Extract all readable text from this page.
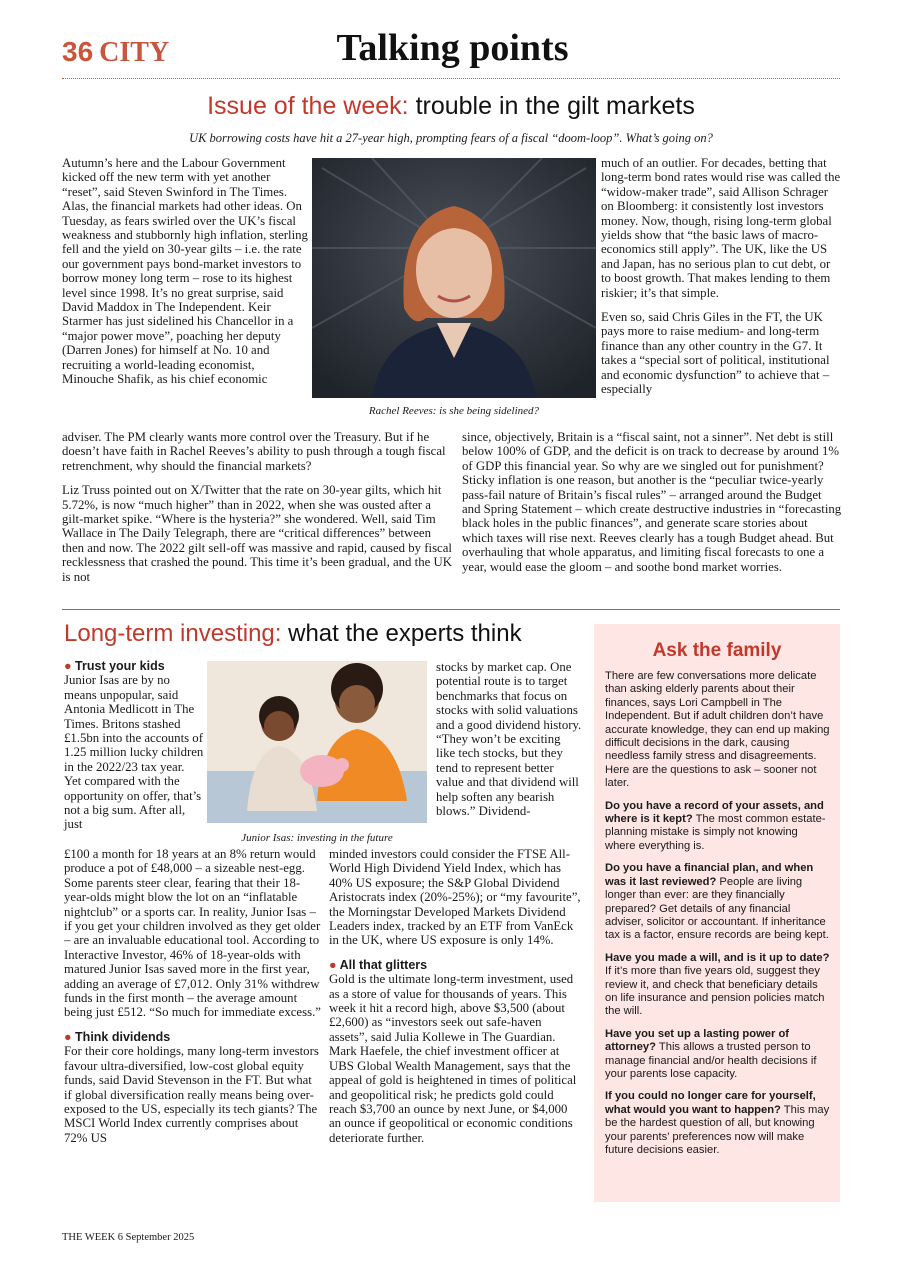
36 CITY	Talking points
Issue of the week: trouble in the gilt markets
UK borrowing costs have hit a 27-year high, prompting fears of a fiscal “doom-loop”. What’s going on?
Autumn’s here and the Labour Government kicked off the new term with yet another “reset”, said Steven Swinford in The Times. Alas, the financial markets had other ideas. On Tuesday, as fears swirled over the UK’s fiscal weakness and stubbornly high inflation, sterling fell and the yield on 30-year gilts – i.e. the rate our government pays bond-market investors to borrow money long term – rose to its highest level since 1998. It’s no great surprise, said David Maddox in The Independent. Keir Starmer has just sidelined his Chancellor in a “major power move”, poaching her deputy (Darren Jones) for himself at No. 10 and recruiting a world-leading economist, Minouche Shafik, as his chief economic
Rachel Reeves: is she being sidelined?

much of an outlier. For decades, betting that long-term bond rates would rise was called the “widow-maker trade”, said Allison Schrager on Bloomberg: it consistently lost investors money. Now, though, rising long-term global yields show that “the basic laws of macro-economics still apply”. The UK, like the US and Japan, has no serious plan to cut debt, or to boost growth. That makes lending to them riskier; it’s that simple.

Even so, said Chris Giles in the FT, the UK pays more to raise medium- and long-term finance than any other country in the G7. It takes a “special sort of political, institutional and economic dysfunction” to achieve that – especially

adviser. The PM clearly wants more control over the Treasury. But if he doesn’t have faith in Rachel Reeves’s ability to push through a tough fiscal retrenchment, why should the financial markets?

Liz Truss pointed out on X/Twitter that the rate on 30-year gilts, which hit 5.72%, is now “much higher” than in 2022, when she was ousted after a gilt-market spike. “Where is the hysteria?” she wondered. Well, said Tim Wallace in The Daily Telegraph, there are “critical differences” between then and now. The 2022 gilt sell-off was massive and rapid, caused by fiscal recklessness that crashed the pound. This time it’s been gradual, and the UK is not

since, objectively, Britain is a “fiscal saint, not a sinner”. Net debt is still below 100% of GDP, and the deficit is on track to decrease by around 1% of GDP this financial year. So why are we singled out for punishment? Sticky inflation is one reason, but another is the “peculiar twice-yearly pass-fail nature of Britain’s fiscal rules” – arranged around the Budget and Spring Statement – which create destructive industries in “forecasting black holes in the public finances”, and generate scare stories about which taxes will rise next. Reeves clearly has a tough Budget ahead. But overhauling that whole apparatus, and limiting fiscal forecasts to one a year, would ease the gloom – and soothe bond market worries.
Long-term investing: what the experts think
● Trust your kids
Junior Isas are by no means unpopular, said Antonia Medlicott in The Times. Britons stashed £1.5bn into the accounts of 1.25 million lucky children in the 2022/23 tax year. Yet compared with the opportunity on offer, that’s not a big sum. After all, just
Junior Isas: investing in the future

£100 a month for 18 years at an 8% return would produce a pot of £48,000 – a sizeable nest-egg. Some parents steer clear, fearing that their 18-year-olds might blow the lot on an “inflatable nightclub” or a sports car. In reality, Junior Isas – if you get your children involved as they get older – are an invaluable educational tool. According to Interactive Investor, 46% of 18-year-olds with matured Junior Isas saved more in the first year, adding an average of £7,012. Only 31% withdrew funds in the first month – the average amount being just £512. “So much for immediate excess.”

● Think dividends
For their core holdings, many long-term investors favour ultra-diversified, low-cost global equity funds, said David Stevenson in the FT. But what if global diversification really means being over-exposed to the US, especially its tech giants? The MSCI World Index currently comprises about 72% US
stocks by market cap. One potential route is to target benchmarks that focus on stocks with solid valuations and a good dividend history. “They won’t be exciting like tech stocks, but they tend to represent better value and that dividend will help soften any bearish blows.” Dividend-

minded investors could consider the FTSE All-World High Dividend Yield Index, which has 40% US exposure; the S&P Global Dividend Aristocrats index (20%-25%); or “my favourite”, the Morningstar Developed Markets Dividend Leaders index, tracked by an ETF from VanEck in the UK, where US exposure is only 14%.

● All that glitters
Gold is the ultimate long-term investment, used as a store of value for thousands of years. This week it hit a record high, above $3,500 (about £2,600) as “investors seek out safe-haven assets”, said Julia Kollewe in The Guardian. Mark Haefele, the chief investment officer at UBS Global Wealth Management, says that the appeal of gold is heightened in times of political and geopolitical risk; he predicts gold could reach $3,700 an ounce by next June, or $4,000 an ounce if geopolitical or economic conditions deteriorate further.
Ask the family

There are few conversations more delicate than asking elderly parents about their finances, says Lori Campbell in The Independent. But if adult children don’t have accurate knowledge, they can end up making difficult decisions in the dark, causing needless family stress and disagreements. Here are the questions to ask – sooner not later.

Do you have a record of your assets, and where is it kept? The most common estate-planning mistake is simply not knowing where everything is.

Do you have a financial plan, and when was it last reviewed? People are living longer than ever: are they financially prepared? Get details of any financial adviser, solicitor or accountant. If inheritance tax is a factor, ensure records are being kept.

Have you made a will, and is it up to date? If it’s more than five years old, suggest they review it, and check that beneficiary details on life insurance and pension policies match the will.

Have you set up a lasting power of attorney? This allows a trusted person to manage financial and/or health decisions if your parents lose capacity.

If you could no longer care for yourself, what would you want to happen? This may be the hardest question of all, but knowing your parents’ preferences now will make future decisions easier.

THE WEEK 6 September 2025
